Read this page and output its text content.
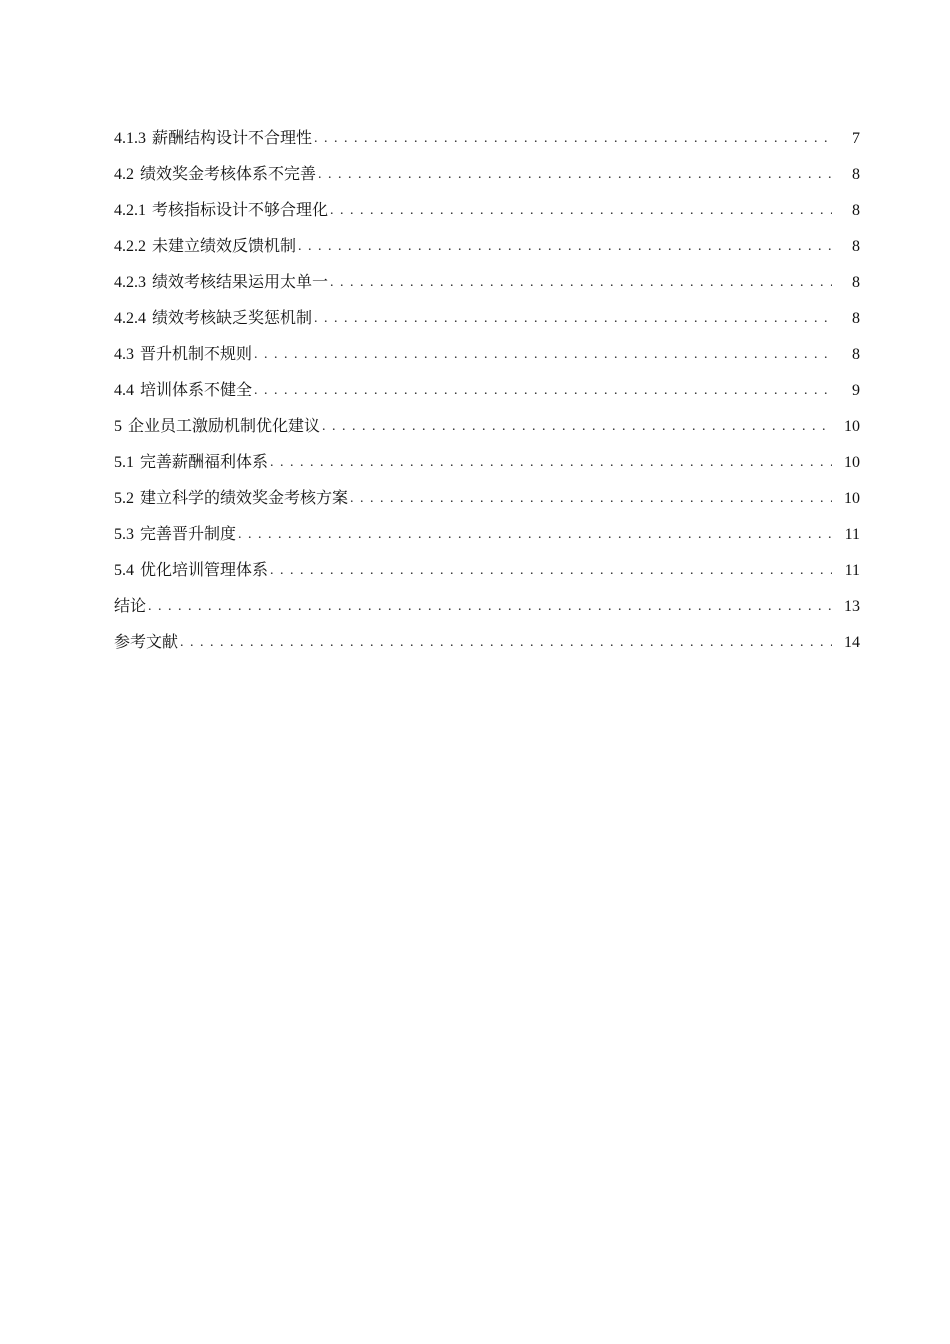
4.1.3 薪酬结构设计不合理性 . . .	7
4.2 绩效奖金考核体系不完善 . . .	8
4.2.1 考核指标设计不够合理化 . . .	8
4.2.2 未建立绩效反馈机制 . . .	8
4.2.3 绩效考核结果运用太单一 . . .	8
4.2.4 绩效考核缺乏奖惩机制 . . .	8
4.3 晋升机制不规则 . . .	8
4.4 培训体系不健全 . . .	9
5 企业员工激励机制优化建议 . . .	10
5.1 完善薪酬福利体系 . . .	10
5.2 建立科学的绩效奖金考核方案 . . .	10
5.3 完善晋升制度 . . .	11
5.4 优化培训管理体系 . . .	11
结论 . . .	13
参考文献 . . .	14
